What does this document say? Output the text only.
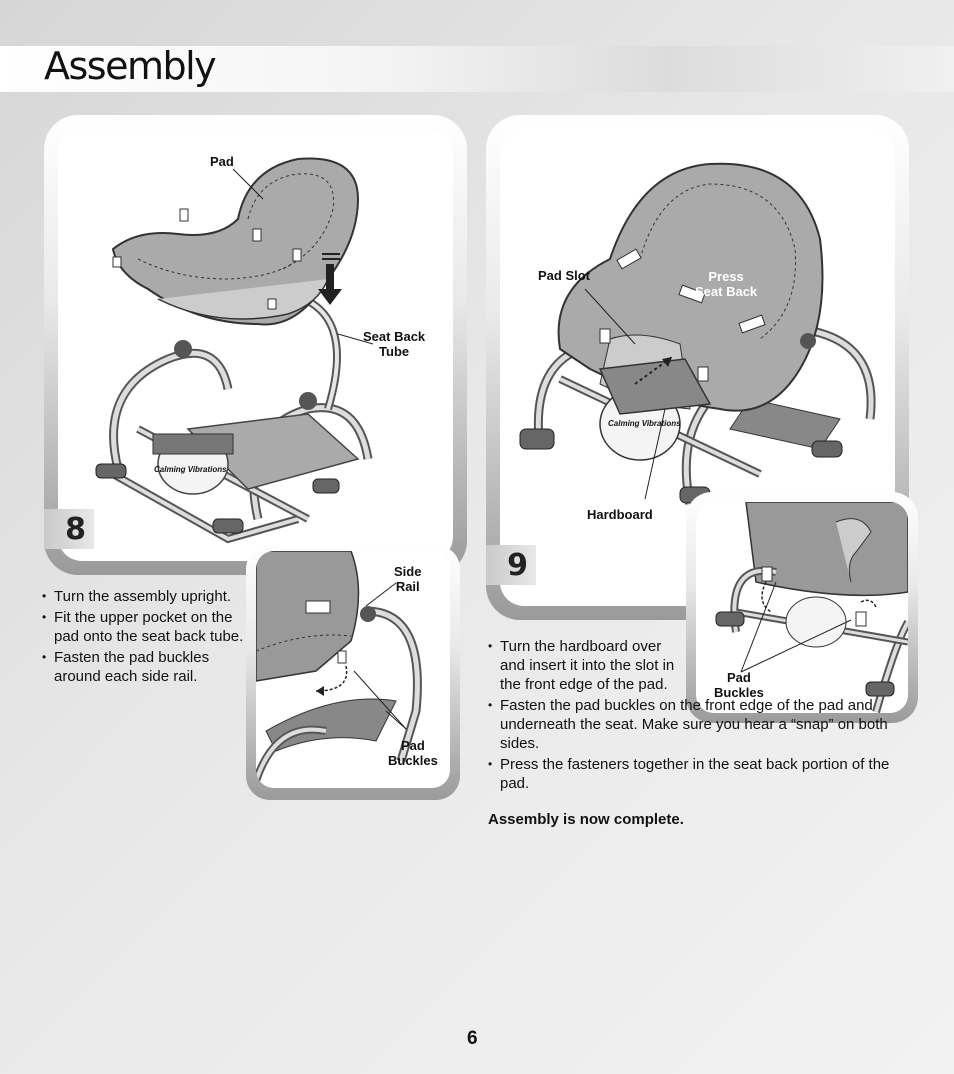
Assembly
Pad
Seat Back
Tube
Calming Vibrations
8
Side
Rail
Pad
Buckles
• Turn the assembly upright.
• Fit the upper pocket on the pad onto the seat back tube.
• Fasten the pad buckles around each side rail.
Pad Slot	Press
Seat Back
Hardboard
Calming Vibrations
9
Pad
Buckles
• Turn the hardboard over and insert it into the slot in the front edge of the pad.
• Fasten the pad buckles on the front edge of the pad and underneath the seat. Make sure you hear a “snap” on both sides.
• Press the fasteners together in the seat back portion of the pad.
Assembly is now complete.
6
